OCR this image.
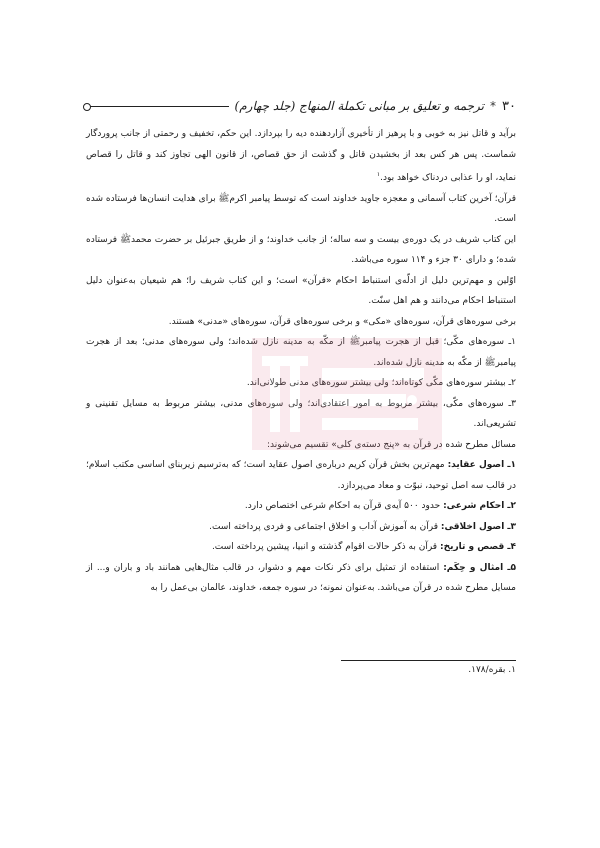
۳۰
*
ترجمه و تعلیق بر مبانی تکملة المنهاج (جلد چهارم)

برآید و قاتل نیز به خوبی و با پرهیز از تأخیری آزاردهنده دیه را بپردازد. این حکم، تخفیف و رحمتی از جانب پروردگار شماست. پس هر کس بعد از بخشیدن قاتل و گذشت از حق قصاص، از قانون الهی تجاوز کند و قاتل را قصاص نماید، او را عذابی دردناک خواهد بود.$^۱$

قرآن؛ آخرین کتاب آسمانی و معجزه جاوید خداوند است که توسط پیامبر اکرمﷺ برای هدایت انسان‌ها فرستاده شده است.

این کتاب شریف در یک دوره‌ی بیست و سه ساله؛ از جانب خداوند؛ و از طریق جبرئیل بر حضرت محمدﷺ فرستاده شده؛ و دارای ۳۰ جزء و ۱۱۴ سوره می‌باشد.

اوّلین و مهم‌ترین دلیل از ادلّه‌ی استنباط احکام «قرآن» است؛ و این کتاب شریف را؛ هم شیعیان به‌عنوان دلیل استنباط احکام می‌دانند و هم اهل سنّت.

برخی سوره‌های قرآن، سوره‌های «مکی» و برخی سوره‌های قرآن، سوره‌های «مدنی» هستند.

۱ـ سوره‌های مکّی؛ قبل از هجرت پیامبرﷺ از مکّه به مدینه نازل شده‌اند؛ ولی سوره‌های مدنی؛ بعد از هجرت پیامبرﷺ از مکّه به مدینه نازل شده‌اند.

۲ـ بیشتر سوره‌های مکّی کوتاه‌اند؛ ولی بیشتر سوره‌های مدنی طولانی‌اند.

۳ـ سوره‌های مکّی، بیشتر مربوط به امور اعتقادی‌اند؛ ولی سوره‌های مدنی، بیشتر مربوط به مسایل تقنینی و تشریعی‌اند.

مسائل مطرح شده در قرآن به «پنج دسته‌ی کلی» تقسیم می‌شوند:

۱ـ اصول عقاید: مهم‌ترین بخش قرآن کریم درباره‌ی اصول عقاید است؛ که به‌ترسیم زیربنای اساسی مکتب اسلام؛ در قالب سه اصل توحید، نبوّت و معاد می‌پردازد.

۲ـ احکام شرعی: حدود ۵۰۰ آیه‌ی قرآن به احکام شرعی اختصاص دارد.

۳ـ اصول اخلاقی: قرآن به آموزش آداب و اخلاق اجتماعی و فردی پرداخته است.

۴ـ قصص و تاریخ: قرآن به ذکر حالات اقوام گذشته و انبیا، پیشین پرداخته است.

۵ـ امثال و حِکَم: استفاده از تمثیل برای ذکر نکات مهم و دشوار، در قالب مثال‌هایی همانند باد و باران و... از مسایل مطرح شده در قرآن می‌باشد. به‌عنوان نمونه؛ در سوره جمعه، خداوند، عالمان بی‌عمل را به

۱. بقره/۱۷۸.
